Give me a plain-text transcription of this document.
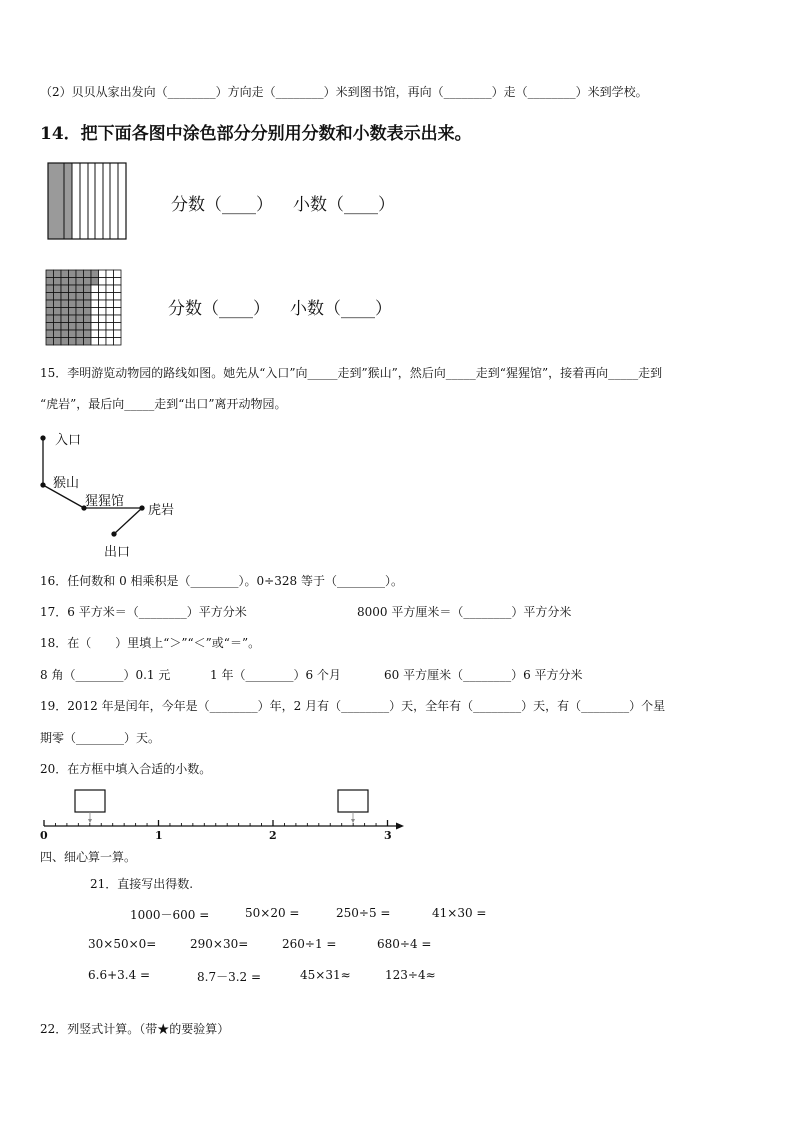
（2）贝贝从家出发向（________）方向走（________）米到图书馆，再向（________）走（________）米到学校。
14．把下面各图中涂色部分分别用分数和小数表示出来。
分数（____） 小数（____）
分数（____） 小数（____）
15．李明游览动物园的路线如图。她先从“入口”向_____走到”猴山”，然后向_____走到“猩猩馆”，接着再向_____走到
“虎岩”，最后向_____走到“出口”离开动物园。
入口
猴山
猩猩馆
虎岩
出口
16．任何数和 0 相乘积是（________）。0÷328 等于（________）。
17．6 平方米＝（________）平方分米	8000 平方厘米＝（________）平方分米
18．在（　　）里填上“＞”“＜”或“＝”。
8 角（________）0.1 元	1 年（________）6 个月	60 平方厘米（________）6 平方分米
19．2012 年是闰年，今年是（________）年，2 月有（________）天，全年有（________）天，有（________）个星
期零（________）天。
20．在方框中填入合适的小数。
0	1	2	3
四、细心算一算。
21．直接写出得数.
1000－600 =	50×20 =	250÷5 =	41×30 =
30×50×0=	290×30=	260÷1 =	680÷4 =
6.6+3.4 =	8.7－3.2 =	45×31≈	123÷4≈
22．列竖式计算。（带★的要验算）
